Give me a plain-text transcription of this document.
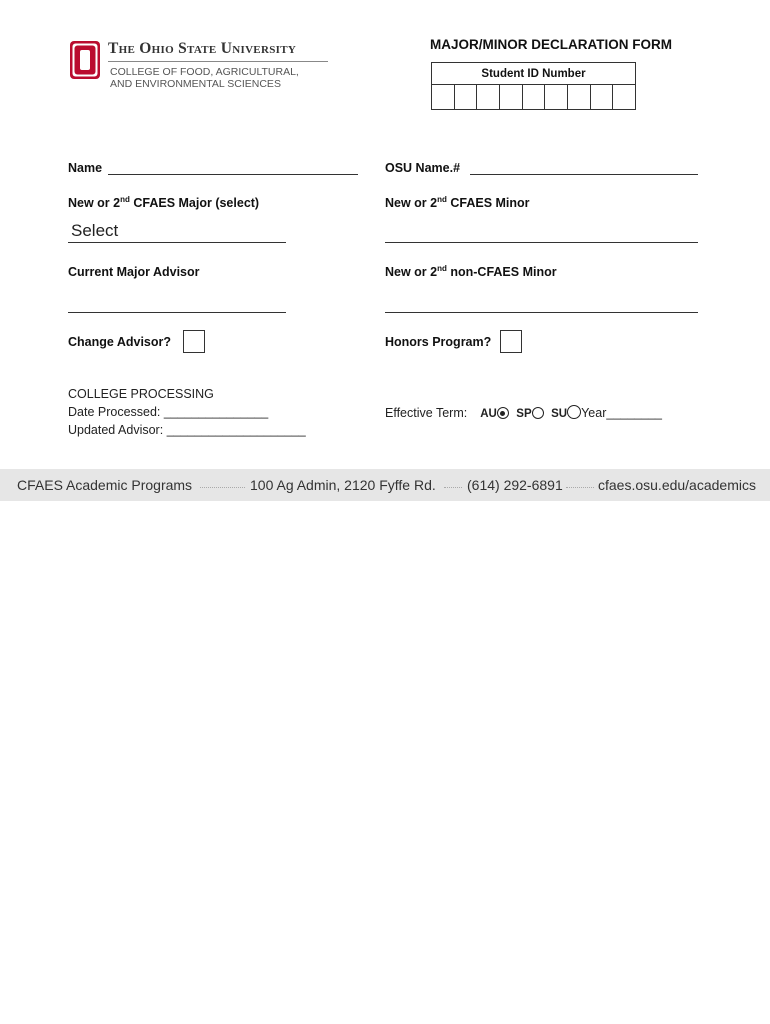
The Ohio State University
COLLEGE OF FOOD, AGRICULTURAL,
AND ENVIRONMENTAL SCIENCES
MAJOR/MINOR DECLARATION FORM
Student ID Number
Name	OSU Name.#
New or 2nd CFAES Major (select)	New or 2nd CFAES Minor
Select
Current Major Advisor	New or 2nd non-CFAES Minor
Change Advisor?	Honors Program?
COLLEGE PROCESSING
Date Processed: _______________
Updated Advisor: ____________________
Effective Term: AU SP SU Year________
CFAES Academic Programs	100 Ag Admin, 2120 Fyffe Rd. (614) 292-6891	cfaes.osu.edu/academics
